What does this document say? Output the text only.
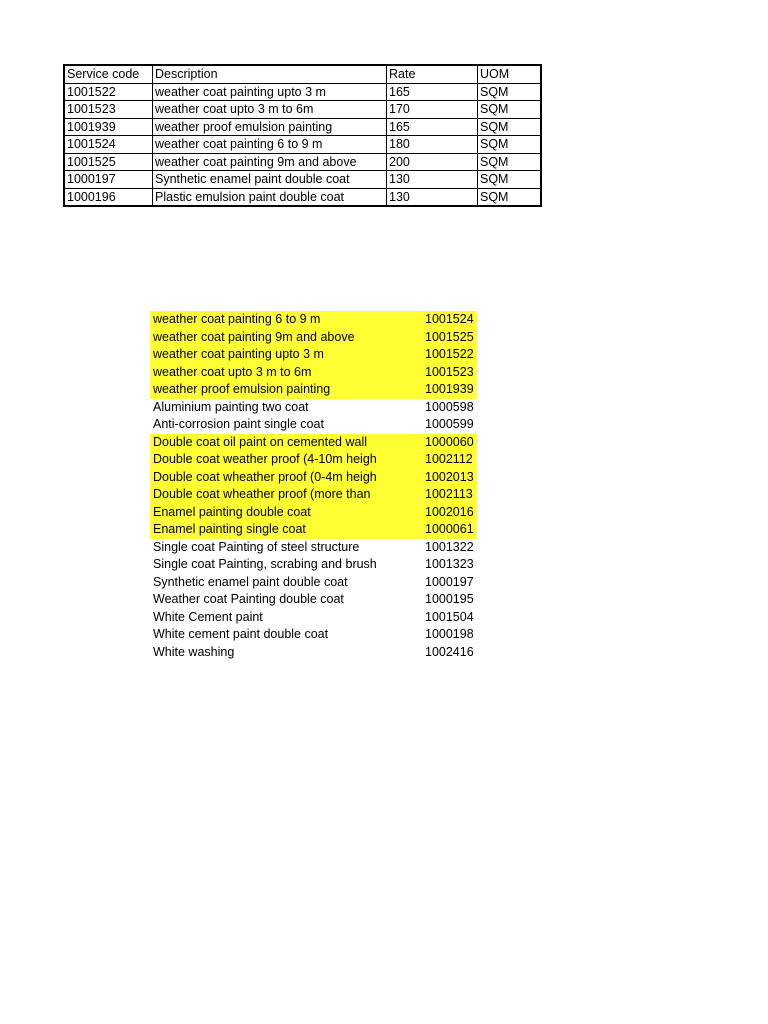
Service code	Description	Rate	UOM
1001522	weather coat painting upto 3 m	165	SQM
1001523	weather coat upto 3 m to 6m	170	SQM
1001939	weather proof emulsion painting	165	SQM
1001524	weather coat painting 6 to 9 m	180	SQM
1001525	weather coat painting 9m and above	200	SQM
1000197	Synthetic enamel paint double coat	130	SQM
1000196	Plastic emulsion paint double coat	130	SQM
weather coat painting 6 to 9 m	1001524
weather coat painting 9m and above	1001525
weather coat painting upto 3 m	1001522
weather coat upto 3 m to 6m	1001523
weather proof emulsion painting	1001939
Aluminium painting two coat	1000598
Anti-corrosion paint single coat	1000599
Double coat oil paint on cemented wall	1000060
Double coat weather proof (4-10m heigh	1002112
Double coat wheather proof (0-4m heigh	1002013
Double coat wheather proof (more than	1002113
Enamel painting double coat	1002016
Enamel painting single coat	1000061
Single coat Painting of steel structure	1001322
Single coat Painting, scrabing and brush	1001323
Synthetic enamel paint double coat	1000197
Weather coat Painting double coat	1000195
White Cement paint	1001504
White cement paint double coat	1000198
White washing	1002416
